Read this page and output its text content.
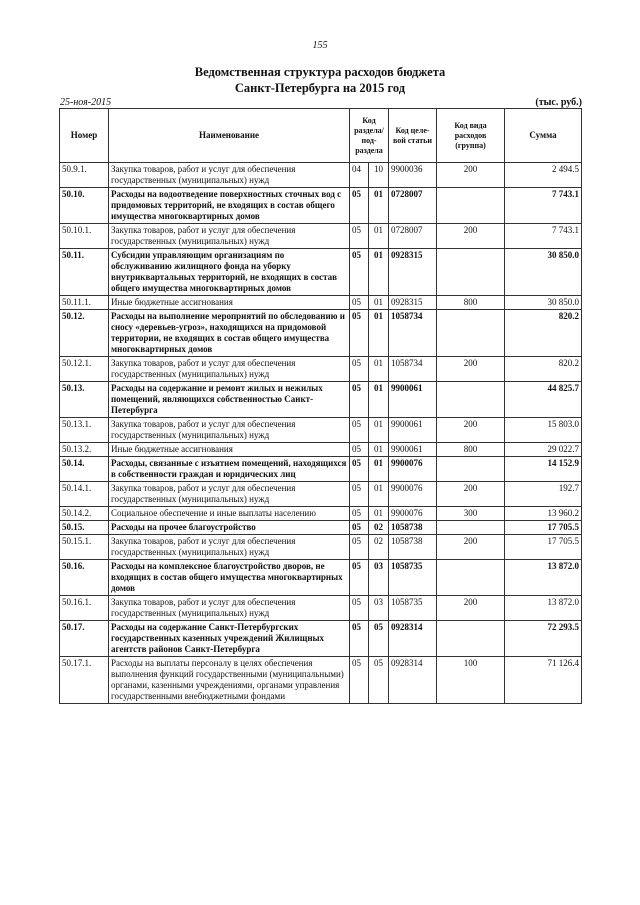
155
Ведомственная структура расходов бюджета
Санкт-Петербурга на 2015 год
25-ноя-2015	(тыс. руб.)
Номер	Наименование	Код раздела/ под-раздела		Код целе-вой статьи	Код вида расходов (группа)	Сумма
50.9.1.	Закупка товаров, работ и услуг для обеспечения государственных (муниципальных) нужд	04	10	9900036	200	2 494.5
50.10.	Расходы на водоотведение поверхностных сточных вод с придомовых территорий, не входящих в состав общего имущества многоквартирных домов	05	01	0728007		7 743.1
50.10.1.	Закупка товаров, работ и услуг для обеспечения государственных (муниципальных) нужд	05	01	0728007	200	7 743.1
50.11.	Субсидии управляющим организациям по обслуживанию жилищного фонда на уборку внутриквартальных территорий, не входящих в состав общего имущества многоквартирных домов	05	01	0928315		30 850.0
50.11.1.	Иные бюджетные ассигнования	05	01	0928315	800	30 850.0
50.12.	Расходы на выполнение мероприятий по обследованию и сносу «деревьев-угроз», находящихся на придомовой территории, не входящих в состав общего имущества многоквартирных домов	05	01	1058734		820.2
50.12.1.	Закупка товаров, работ и услуг для обеспечения государственных (муниципальных) нужд	05	01	1058734	200	820.2
50.13.	Расходы на содержание и ремонт жилых и нежилых помещений, являющихся собственностью Санкт-Петербурга	05	01	9900061		44 825.7
50.13.1.	Закупка товаров, работ и услуг для обеспечения государственных (муниципальных) нужд	05	01	9900061	200	15 803.0
50.13.2.	Иные бюджетные ассигнования	05	01	9900061	800	29 022.7
50.14.	Расходы, связанные с изъятием помещений, находящихся в собственности граждан и юридических лиц	05	01	9900076		14 152.9
50.14.1.	Закупка товаров, работ и услуг для обеспечения государственных (муниципальных) нужд	05	01	9900076	200	192.7
50.14.2.	Социальное обеспечение и иные выплаты населению	05	01	9900076	300	13 960.2
50.15.	Расходы на прочее благоустройство	05	02	1058738		17 705.5
50.15.1.	Закупка товаров, работ и услуг для обеспечения государственных (муниципальных) нужд	05	02	1058738	200	17 705.5
50.16.	Расходы на комплексное благоустройство дворов, не входящих в состав общего имущества многоквартирных домов	05	03	1058735		13 872.0
50.16.1.	Закупка товаров, работ и услуг для обеспечения государственных (муниципальных) нужд	05	03	1058735	200	13 872.0
50.17.	Расходы на содержание Санкт-Петербургских государственных казенных учреждений Жилищных агентств районов Санкт-Петербурга	05	05	0928314		72 293.5
50.17.1.	Расходы на выплаты персоналу в целях обеспечения выполнения функций государственными (муниципальными) органами, казенными учреждениями, органами управления государственными внебюджетными фондами	05	05	0928314	100	71 126.4
